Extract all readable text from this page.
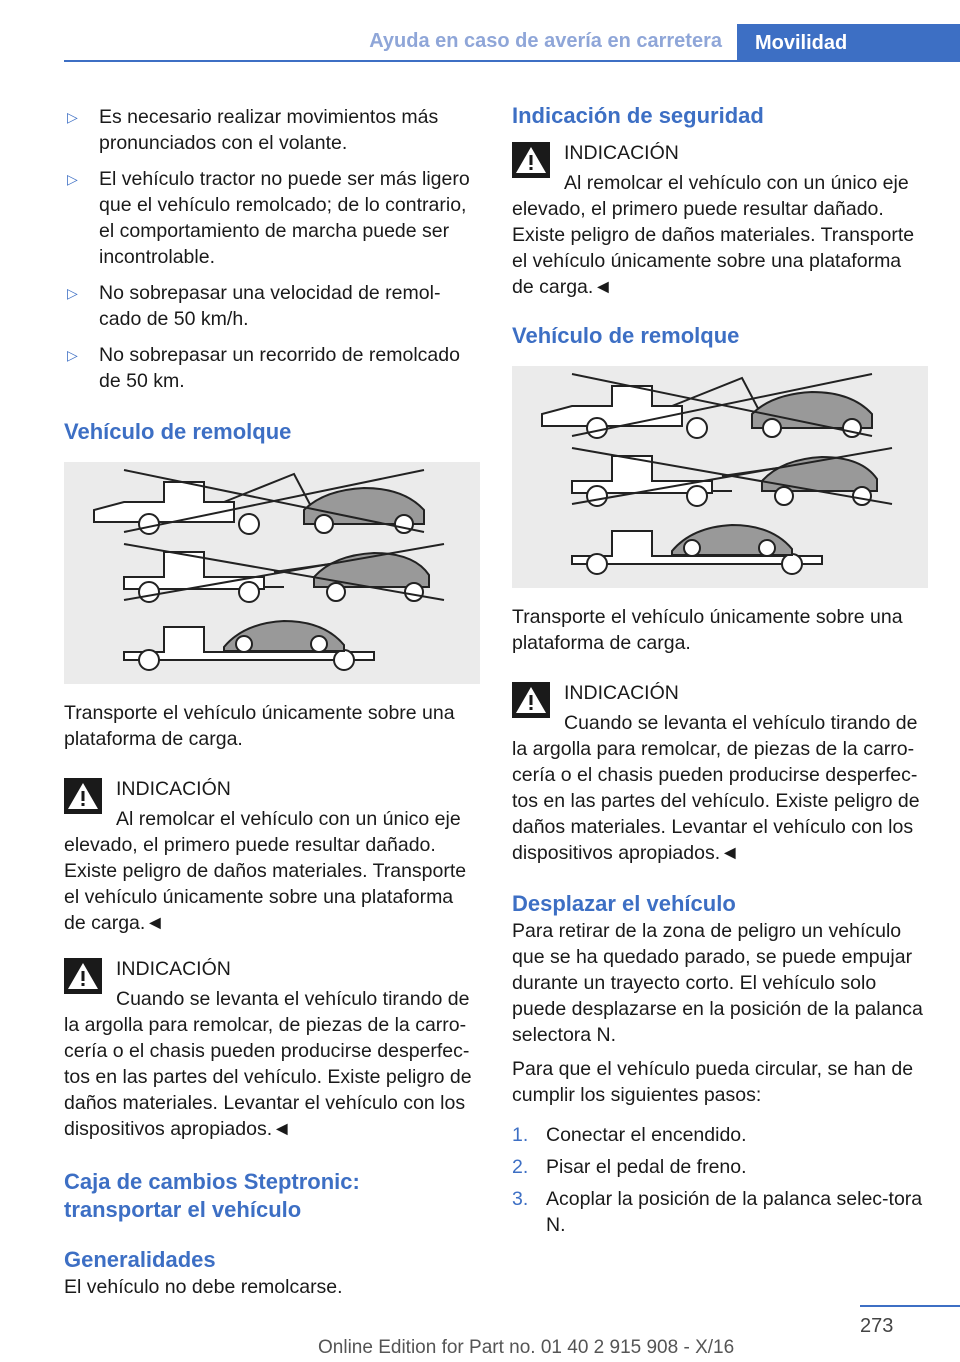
Ayuda en caso de avería en carretera	Movilidad
▷ Es necesario realizar movimientos más pronunciados con el volante.
▷ El vehículo tractor no puede ser más ligero que el vehículo remolcado; de lo contrario, el comportamiento de marcha puede ser incontrolable.
▷ No sobrepasar una velocidad de remol‐cado de 50 km/h.
▷ No sobrepasar un recorrido de remolcado de 50 km.
Vehículo de remolque

Transporte el vehículo únicamente sobre una plataforma de carga.

INDICACIÓN

Al remolcar el vehículo con un único eje

elevado, el primero puede resultar dañado. Existe peligro de daños materiales. Transporte el vehículo únicamente sobre una plataforma de carga.◄

INDICACIÓN

Cuando se levanta el vehículo tirando de

la argolla para remolcar, de piezas de la carro‐cería o el chasis pueden producirse desperfec‐tos en las partes del vehículo. Existe peligro de daños materiales. Levantar el vehículo con los dispositivos apropiados.◄

Caja de cambios Steptronic: transportar el vehículo
Generalidades

El vehículo no debe remolcarse.

Indicación de seguridad

INDICACIÓN

Al remolcar el vehículo con un único eje

elevado, el primero puede resultar dañado. Existe peligro de daños materiales. Transporte el vehículo únicamente sobre una plataforma de carga.◄

Vehículo de remolque

Transporte el vehículo únicamente sobre una plataforma de carga.

INDICACIÓN

Cuando se levanta el vehículo tirando de

la argolla para remolcar, de piezas de la carro‐cería o el chasis pueden producirse desperfec‐tos en las partes del vehículo. Existe peligro de daños materiales. Levantar el vehículo con los dispositivos apropiados.◄

Desplazar el vehículo

Para retirar de la zona de peligro un vehículo que se ha quedado parado, se puede empujar durante un trayecto corto. El vehículo solo puede desplazarse en la posición de la palanca selectora N.

Para que el vehículo pueda circular, se han de cumplir los siguientes pasos:

1. Conectar el encendido.
2. Pisar el pedal de freno.
3. Acoplar la posición de la palanca selec‐tora N.
273
Online Edition for Part no. 01 40 2 915 908 - X/16
